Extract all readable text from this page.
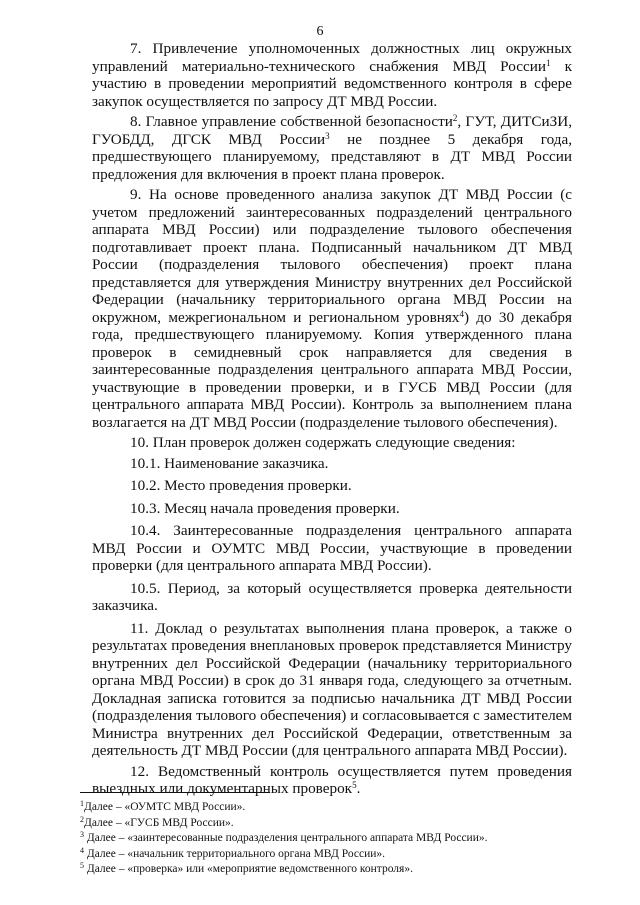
6

7. Привлечение уполномоченных должностных лиц окружных управлений материально-технического снабжения МВД России$^1$ к участию в проведении мероприятий ведомственного контроля в сфере закупок осуществляется по запросу ДТ МВД России.

8. Главное управление собственной безопасности$^2$, ГУТ, ДИТСиЗИ, ГУОБДД, ДГСК МВД России$^3$ не позднее 5 декабря года, предшествующего планируемому, представляют в ДТ МВД России предложения для включения в проект плана проверок.

9. На основе проведенного анализа закупок ДТ МВД России (с учетом предложений заинтересованных подразделений центрального аппарата МВД России) или подразделение тылового обеспечения подготавливает проект плана. Подписанный начальником ДТ МВД России (подразделения тылового обеспечения) проект плана представляется для утверждения Министру внутренних дел Российской Федерации (начальнику территориального органа МВД России на окружном, межрегиональном и региональном уровнях$^4$) до 30 декабря года, предшествующего планируемому. Копия утвержденного плана проверок в семидневный срок направляется для сведения в заинтересованные подразделения центрального аппарата МВД России, участвующие в проведении проверки, и в ГУСБ МВД России (для центрального аппарата МВД России). Контроль за выполнением плана возлагается на ДТ МВД России (подразделение тылового обеспечения).

10. План проверок должен содержать следующие сведения:

10.1. Наименование заказчика.

10.2. Место проведения проверки.

10.3. Месяц начала проведения проверки.

10.4. Заинтересованные подразделения центрального аппарата МВД России и ОУМТС МВД России, участвующие в проведении проверки (для центрального аппарата МВД России).

10.5. Период, за который осуществляется проверка деятельности заказчика.

11. Доклад о результатах выполнения плана проверок, а также о результатах проведения внеплановых проверок представляется Министру внутренних дел Российской Федерации (начальнику территориального органа МВД России) в срок до 31 января года, следующего за отчетным. Докладная записка готовится за подписью начальника ДТ МВД России (подразделения тылового обеспечения) и согласовывается с заместителем Министра внутренних дел Российской Федерации, ответственным за деятельность ДТ МВД России (для центрального аппарата МВД России).

12. Ведомственный контроль осуществляется путем проведения выездных или документарных проверок$^5$.

$^1$Далее – «ОУМТС МВД России».
$^2$Далее – «ГУСБ МВД России».
$^3$ Далее – «заинтересованные подразделения центрального аппарата МВД России».
$^4$ Далее – «начальник территориального органа МВД России».
$^5$ Далее – «проверка» или «мероприятие ведомственного контроля».
